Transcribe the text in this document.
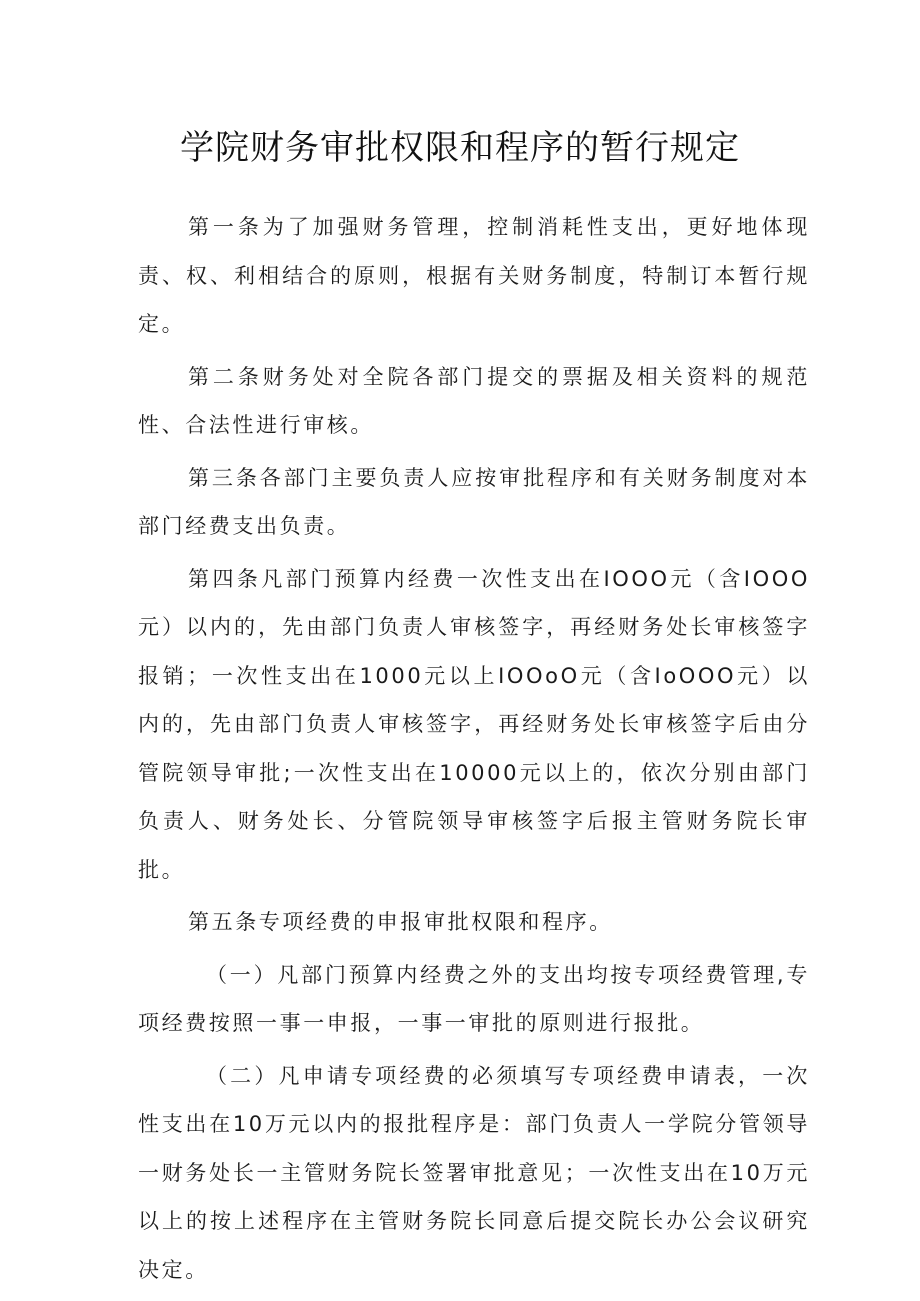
学院财务审批权限和程序的暂行规定

第一条为了加强财务管理，控制消耗性支出，更好地体现责、权、利相结合的原则，根据有关财务制度，特制订本暂行规定。

第二条财务处对全院各部门提交的票据及相关资料的规范性、合法性进行审核。

第三条各部门主要负责人应按审批程序和有关财务制度对本部门经费支出负责。

第四条凡部门预算内经费一次性支出在IOOO元（含IOOO元）以内的，先由部门负责人审核签字，再经财务处长审核签字报销；一次性支出在1000元以上IOOoO元（含IoOOO元）以内的，先由部门负责人审核签字，再经财务处长审核签字后由分管院领导审批;一次性支出在10000元以上的，依次分别由部门负责人、财务处长、分管院领导审核签字后报主管财务院长审批。

第五条专项经费的申报审批权限和程序。

（一）凡部门预算内经费之外的支出均按专项经费管理,专项经费按照一事一申报，一事一审批的原则进行报批。

（二）凡申请专项经费的必须填写专项经费申请表，一次性支出在10万元以内的报批程序是：部门负责人一学院分管领导一财务处长一主管财务院长签署审批意见；一次性支出在10万元以上的按上述程序在主管财务院长同意后提交院长办公会议研究决定。
